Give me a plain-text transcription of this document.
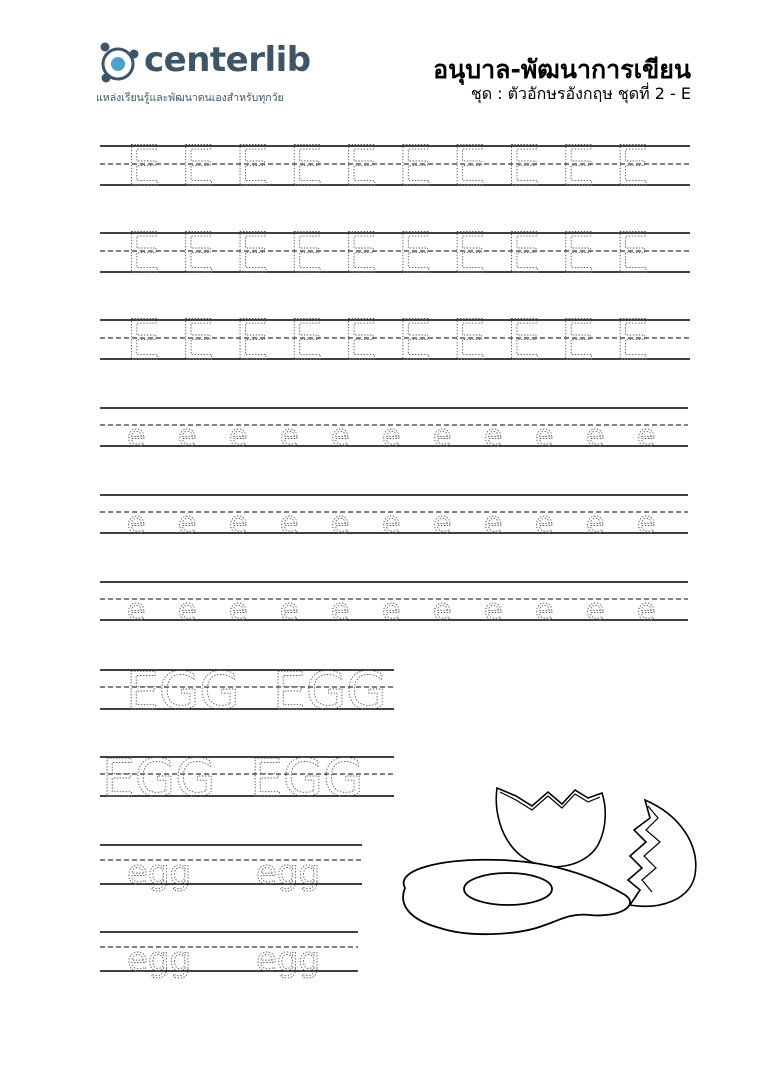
centerlib
แหล่งเรียนรู้และพัฒนาตนเองสำหรับทุกวัย
อนุบาล-พัฒนาการเขียน
ชุด : ตัวอักษรอังกฤษ ชุดที่ 2 - E
E E E E E E E E E E
E E E E E E E E E E
E E E E E E E E E E
e e e e e e e e e e e
e e e e e e e e e e e
e e e e e e e e e e e
EGG EGG
EGG EGG
egg egg
egg egg
